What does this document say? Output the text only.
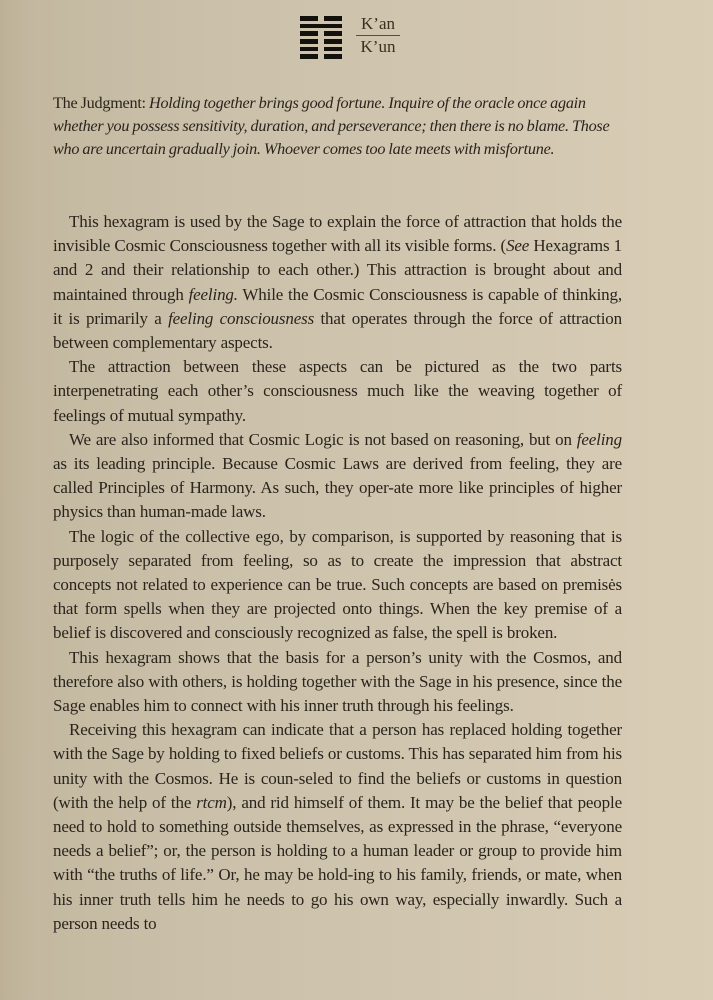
K’an
K’un
The Judgment: Holding together brings good fortune. Inquire of the oracle once again whether you possess sensitivity, duration, and perseverance; then there is no blame. Those who are uncertain gradually join. Whoever comes too late meets with misfortune.

This hexagram is used by the Sage to explain the force of attraction that holds the invisible Cosmic Consciousness together with all its visible forms. (See Hexagrams 1 and 2 and their relationship to each other.) This attraction is brought about and maintained through feeling. While the Cosmic Consciousness is capable of thinking, it is primarily a feeling consciousness that operates through the force of attraction between complementary aspects.

The attraction between these aspects can be pictured as the two parts interpenetrating each other’s consciousness much like the weaving together of feelings of mutual sympathy.

We are also informed that Cosmic Logic is not based on reasoning, but on feeling as its leading principle. Because Cosmic Laws are derived from feeling, they are called Principles of Harmony. As such, they oper-ate more like principles of higher physics than human-made laws.

The logic of the collective ego, by comparison, is supported by reasoning that is purposely separated from feeling, so as to create the impression that abstract concepts not related to experience can be true. Such concepts are based on premisės that form spells when they are projected onto things. When the key premise of a belief is discovered and consciously recognized as false, the spell is broken.

This hexagram shows that the basis for a person’s unity with the Cosmos, and therefore also with others, is holding together with the Sage in his presence, since the Sage enables him to connect with his inner truth through his feelings.

Receiving this hexagram can indicate that a person has replaced holding together with the Sage by holding to fixed beliefs or customs. This has separated him from his unity with the Cosmos. He is coun-seled to find the beliefs or customs in question (with the help of the rtcm), and rid himself of them. It may be the belief that people need to hold to something outside themselves, as expressed in the phrase, “everyone needs a belief”; or, the person is holding to a human leader or group to provide him with “the truths of life.” Or, he may be hold-ing to his family, friends, or mate, when his inner truth tells him he needs to go his own way, especially inwardly. Such a person needs to
